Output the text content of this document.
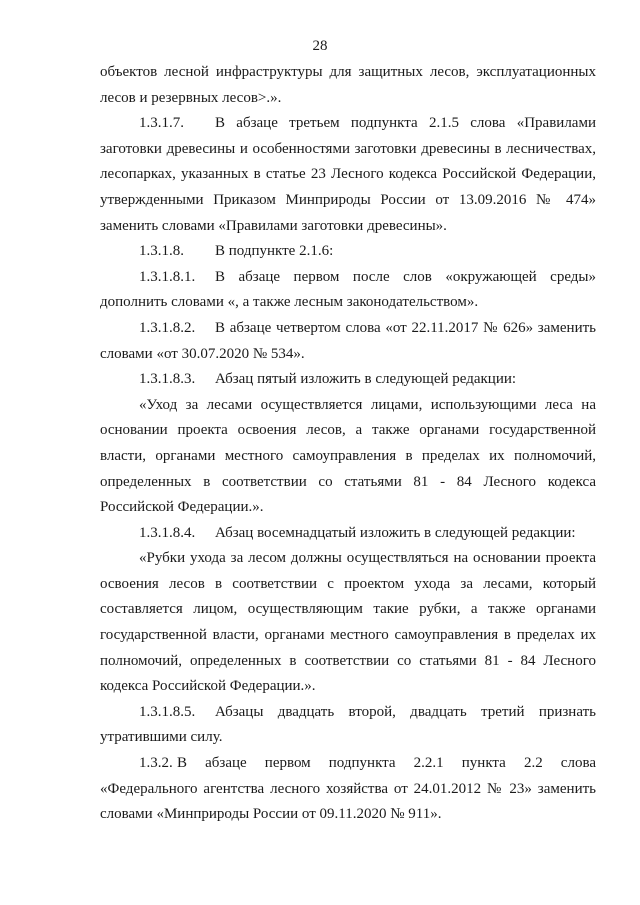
28
объектов лесной инфраструктуры для защитных лесов, эксплуатационных
лесов и резервных лесов>.».
1.3.1.7. В абзаце третьем подпункта 2.1.5 слова «Правилами
заготовки древесины и особенностями заготовки древесины в лесничествах,
лесопарках, указанных в статье 23 Лесного кодекса Российской Федерации,
утвержденными Приказом Минприроды России от 13.09.2016 № 474»
заменить словами «Правилами заготовки древесины».
1.3.1.8. В подпункте 2.1.6:
1.3.1.8.1. В абзаце первом после слов «окружающей среды»
дополнить словами «, а также лесным законодательством».
1.3.1.8.2. В абзаце четвертом слова «от 22.11.2017 № 626» заменить
словами «от 30.07.2020 № 534».
1.3.1.8.3. Абзац пятый изложить в следующей редакции:
«Уход за лесами осуществляется лицами, использующими леса на
основании проекта освоения лесов, а также органами государственной
власти, органами местного самоуправления в пределах их полномочий,
определенных в соответствии со статьями 81 - 84 Лесного кодекса
Российской Федерации.».
1.3.1.8.4. Абзац восемнадцатый изложить в следующей редакции:
«Рубки ухода за лесом должны осуществляться на основании проекта
освоения лесов в соответствии с проектом ухода за лесами, который
составляется лицом, осуществляющим такие рубки, а также органами
государственной власти, органами местного самоуправления в пределах их
полномочий, определенных в соответствии со статьями 81 - 84 Лесного
кодекса Российской Федерации.».
1.3.1.8.5. Абзацы двадцать второй, двадцать третий признать
утратившими силу.
1.3.2. В абзаце первом подпункта 2.2.1 пункта 2.2 слова
«Федерального агентства лесного хозяйства от 24.01.2012 № 23» заменить
словами «Минприроды России от 09.11.2020 № 911».
